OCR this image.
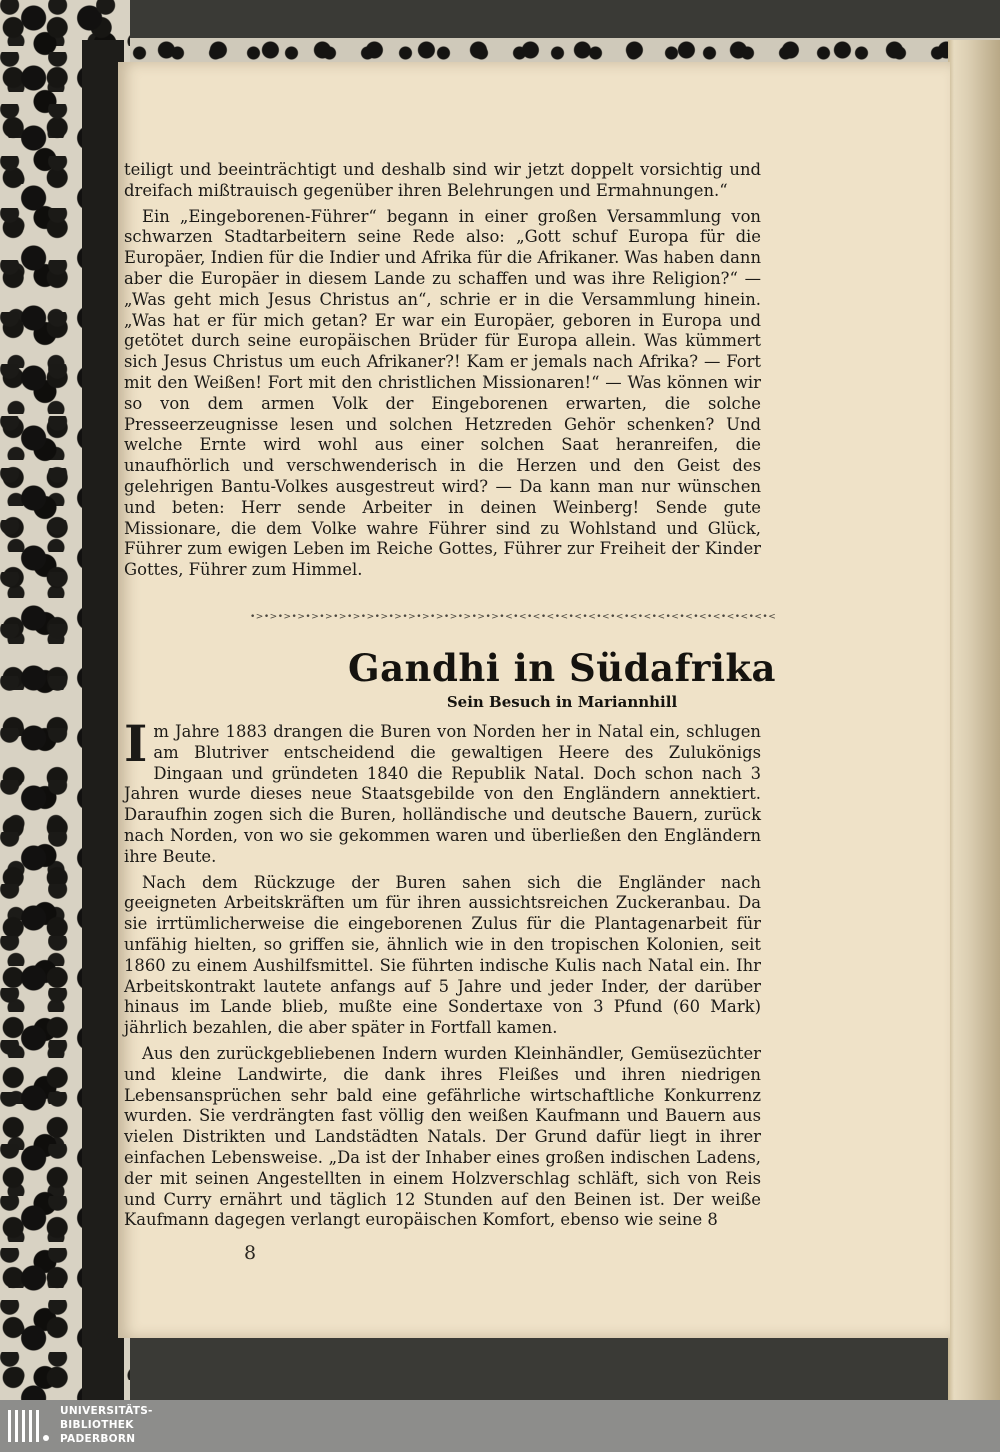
teiligt und beeinträchtigt und deshalb sind wir jetzt doppelt vorsichtig und dreifach mißtrauisch gegenüber ihren Belehrungen und Ermahnungen.“

Ein „Eingeborenen-Führer“ begann in einer großen Versammlung von schwarzen Stadtarbeitern seine Rede also: „Gott schuf Europa für die Europäer, Indien für die Indier und Afrika für die Afrikaner. Was haben dann aber die Europäer in diesem Lande zu schaffen und was ihre Religion?“ — „Was geht mich Jesus Christus an“, schrie er in die Versammlung hinein. „Was hat er für mich getan? Er war ein Europäer, geboren in Europa und getötet durch seine europäischen Brüder für Europa allein. Was kümmert sich Jesus Christus um euch Afrikaner?! Kam er jemals nach Afrika? — Fort mit den Weißen! Fort mit den christlichen Missionaren!“ — Was können wir so von dem armen Volk der Eingeborenen erwarten, die solche Presseerzeugnisse lesen und solchen Hetzreden Gehör schenken? Und welche Ernte wird wohl aus einer solchen Saat heranreifen, die unaufhörlich und verschwenderisch in die Herzen und den Geist des gelehrigen Bantu-Volkes ausgestreut wird? — Da kann man nur wünschen und beten: Herr sende Arbeiter in deinen Weinberg! Sende gute Missionare, die dem Volke wahre Führer sind zu Wohlstand und Glück, Führer zum ewigen Leben im Reiche Gottes, Führer zur Freiheit der Kinder Gottes, Führer zum Himmel.

•>•>•>•>•>•>•>•>•>•>•>•>•>•>•>•>•>•>•<•<•<•<•<•<•<•<•<•<•<•<•<•<•<•<•<•<•<•<
Gandhi in Südafrika
Sein Besuch in Mariannhill

Im Jahre 1883 drangen die Buren von Norden her in Natal ein, schlugen am Blutriver entscheidend die gewaltigen Heere des Zulukönigs Dingaan und gründeten 1840 die Republik Natal. Doch schon nach 3 Jahren wurde dieses neue Staatsgebilde von den Engländern annektiert. Daraufhin zogen sich die Buren, holländische und deutsche Bauern, zurück nach Norden, von wo sie gekommen waren und überließen den Engländern ihre Beute.

Nach dem Rückzuge der Buren sahen sich die Engländer nach geeigneten Arbeitskräften um für ihren aussichtsreichen Zuckeranbau. Da sie irrtümlicherweise die eingeborenen Zulus für die Plantagenarbeit für unfähig hielten, so griffen sie, ähnlich wie in den tropischen Kolonien, seit 1860 zu einem Aushilfsmittel. Sie führten indische Kulis nach Natal ein. Ihr Arbeitskontrakt lautete anfangs auf 5 Jahre und jeder Inder, der darüber hinaus im Lande blieb, mußte eine Sondertaxe von 3 Pfund (60 Mark) jährlich bezahlen, die aber später in Fortfall kamen.

Aus den zurückgebliebenen Indern wurden Kleinhändler, Gemüsezüchter und kleine Landwirte, die dank ihres Fleißes und ihren niedrigen Lebensansprüchen sehr bald eine gefährliche wirtschaftliche Konkurrenz wurden. Sie verdrängten fast völlig den weißen Kaufmann und Bauern aus vielen Distrikten und Landstädten Natals. Der Grund dafür liegt in ihrer einfachen Lebensweise. „Da ist der Inhaber eines großen indischen Ladens, der mit seinen Angestellten in einem Holzverschlag schläft, sich von Reis und Curry ernährt und täglich 12 Stunden auf den Beinen ist. Der weiße Kaufmann dagegen verlangt europäischen Komfort, ebenso wie seine 8

8
UNIVERSITÄTS-
BIBLIOTHEK
PADERBORN
